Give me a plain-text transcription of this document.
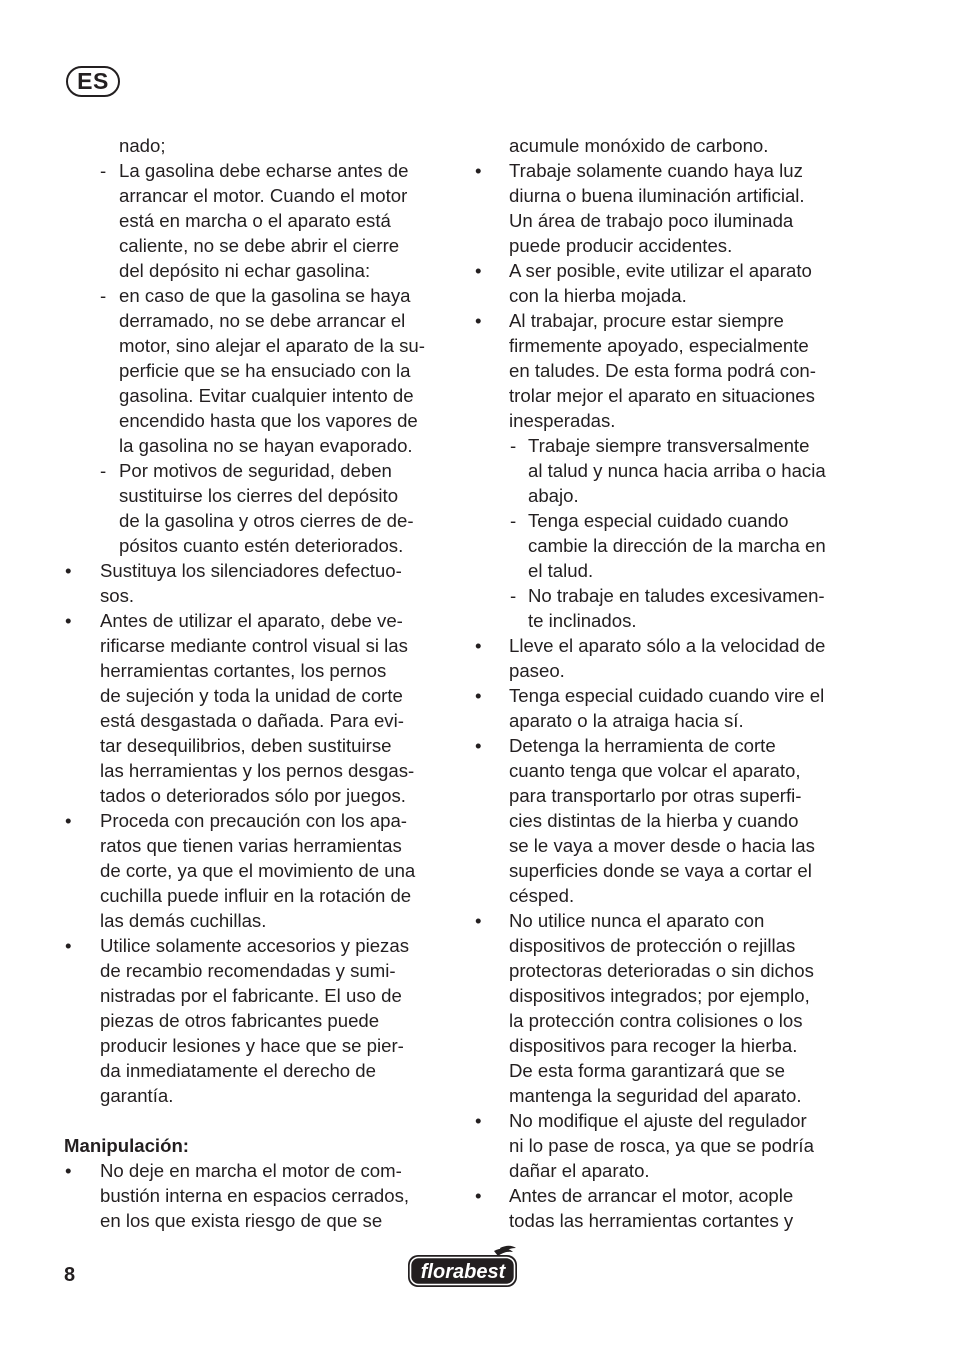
ES
nado;
- La gasolina debe echarse antes de
arrancar el motor. Cuando el motor
está en marcha o el aparato está
caliente, no se debe abrir el cierre
del depósito ni echar gasolina:
- en caso de que la gasolina se haya
derramado, no se debe arrancar el
motor, sino alejar el aparato de la su-
perficie que se ha ensuciado con la
gasolina. Evitar cualquier intento de
encendido hasta que los vapores de
la gasolina no se hayan evaporado.
- Por motivos de seguridad, deben
sustituirse los cierres del depósito
de la gasolina y otros cierres de de-
pósitos cuanto estén deteriorados.
• Sustituya los silenciadores defectuo-
sos.
• Antes de utilizar el aparato, debe ve-
rificarse mediante control visual si las
herramientas cortantes, los pernos
de sujeción y toda la unidad de corte
está desgastada o dañada. Para evi-
tar desequilibrios, deben sustituirse
las herramientas y los pernos desgas-
tados o deteriorados sólo por juegos.
• Proceda con precaución con los apa-
ratos que tienen varias herramientas
de corte, ya que el movimiento de una
cuchilla puede influir en la rotación de
las demás cuchillas.
• Utilice solamente accesorios y piezas
de recambio recomendadas y sumi-
nistradas por el fabricante. El uso de
piezas de otros fabricantes puede
producir lesiones y hace que se pier-
da inmediatamente el derecho de
garantía.
Manipulación:
• No deje en marcha el motor de com-
bustión interna en espacios cerrados,
en los que exista riesgo de que se
acumule monóxido de carbono.
• Trabaje solamente cuando haya luz
diurna o buena iluminación artificial.
Un área de trabajo poco iluminada
puede producir accidentes.
• A ser posible, evite utilizar el aparato
con la hierba mojada.
• Al trabajar, procure estar siempre
firmemente apoyado, especialmente
en taludes. De esta forma podrá con-
trolar mejor el aparato en situaciones
inesperadas.
- Trabaje siempre transversalmente
al talud y nunca hacia arriba o hacia
abajo.
- Tenga especial cuidado cuando
cambie la dirección de la marcha en
el talud.
- No trabaje en taludes excesivamen-
te inclinados.
• Lleve el aparato sólo a la velocidad de
paseo.
• Tenga especial cuidado cuando vire el
aparato o la atraiga hacia sí.
• Detenga la herramienta de corte
cuanto tenga que volcar el aparato,
para transportarlo por otras superfi-
cies distintas de la hierba y cuando
se le vaya a mover desde o hacia las
superficies donde se vaya a cortar el
césped.
• No utilice nunca el aparato con
dispositivos de protección o rejillas
protectoras deterioradas o sin dichos
dispositivos integrados; por ejemplo,
la protección contra colisiones o los
dispositivos para recoger la hierba.
De esta forma garantizará que se
mantenga la seguridad del aparato.
• No modifique el ajuste del regulador
ni lo pase de rosca, ya que se podría
dañar el aparato.
• Antes de arrancar el motor, acople
todas las herramientas cortantes y
8	florabest
